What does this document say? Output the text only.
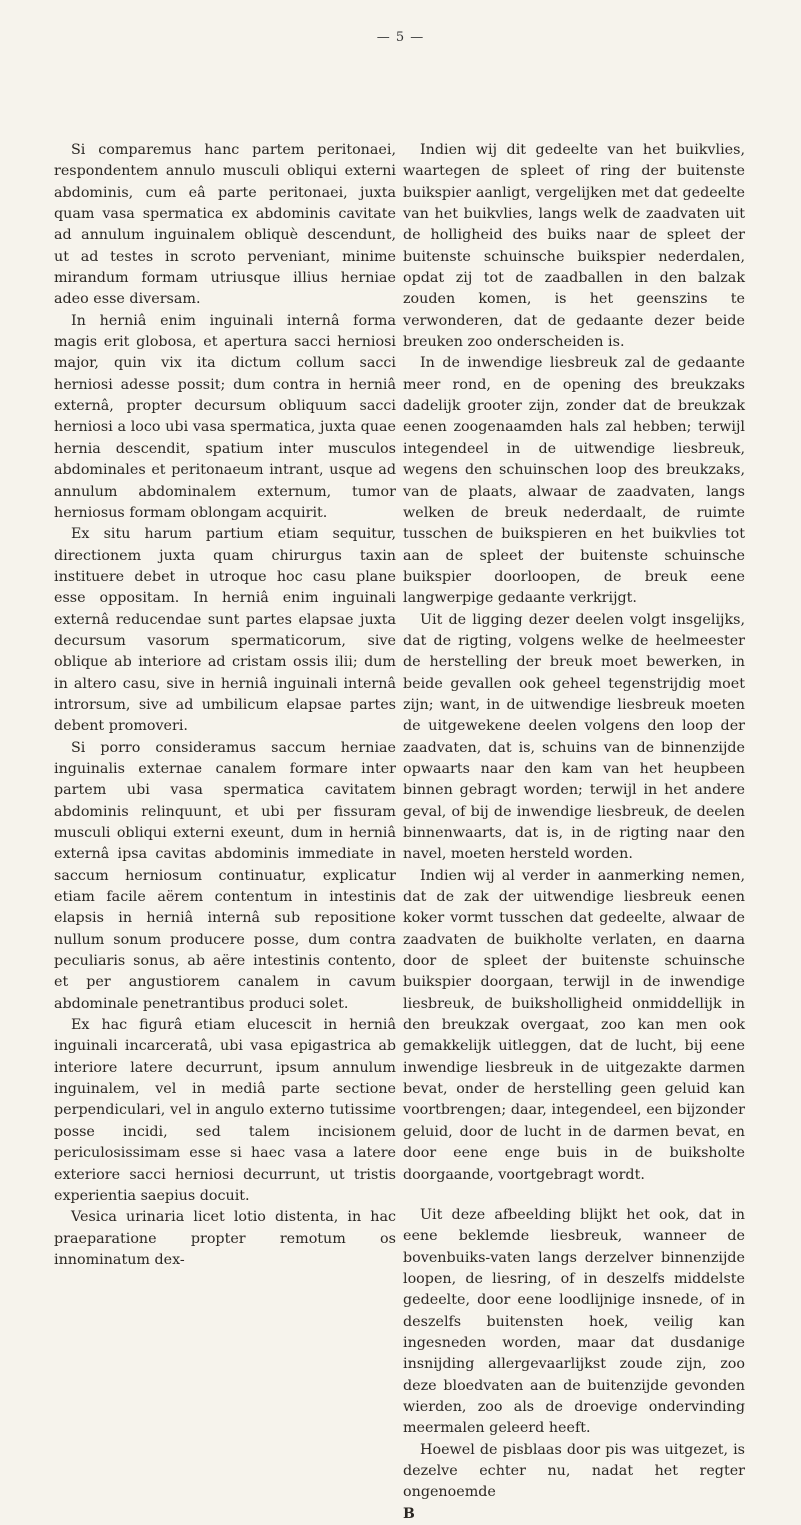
— 5 —

Si comparemus hanc partem peritonaei, respondentem annulo musculi obliqui externi abdominis, cum eâ parte peritonaei, juxta quam vasa spermatica ex abdominis cavitate ad annulum inguinalem obliquè descendunt, ut ad testes in scroto perveniant, minime mirandum formam utriusque illius herniae adeo esse diversam.

In herniâ enim inguinali internâ forma magis erit globosa, et apertura sacci herniosi major, quin vix ita dictum collum sacci herniosi adesse possit; dum contra in herniâ externâ, propter decursum obliquum sacci herniosi a loco ubi vasa spermatica, juxta quae hernia descendit, spatium inter musculos abdominales et peritonaeum intrant, usque ad annulum abdominalem externum, tumor herniosus formam oblongam acquirit.

Ex situ harum partium etiam sequitur, directionem juxta quam chirurgus taxin instituere debet in utroque hoc casu plane esse oppositam. In herniâ enim inguinali externâ reducendae sunt partes elapsae juxta decursum vasorum spermaticorum, sive oblique ab interiore ad cristam ossis ilii; dum in altero casu, sive in herniâ inguinali internâ introrsum, sive ad umbilicum elapsae partes debent promoveri.

Si porro consideramus saccum herniae inguinalis externae canalem formare inter partem ubi vasa spermatica cavitatem abdominis relinquunt, et ubi per fissuram musculi obliqui externi exeunt, dum in herniâ externâ ipsa cavitas abdominis immediate in saccum herniosum continuatur, explicatur etiam facile aërem contentum in intestinis elapsis in herniâ internâ sub repositione nullum sonum producere posse, dum contra peculiaris sonus, ab aëre intestinis contento, et per angustiorem canalem in cavum abdominale penetrantibus produci solet.

Ex hac figurâ etiam elucescit in herniâ inguinali incarceratâ, ubi vasa epigastrica ab interiore latere decurrunt, ipsum annulum inguinalem, vel in mediâ parte sectione perpendiculari, vel in angulo externo tutissime posse incidi, sed talem incisionem periculosissimam esse si haec vasa a latere exteriore sacci herniosi decurrunt, ut tristis experientia saepius docuit.

Vesica urinaria licet lotio distenta, in hac praeparatione propter remotum os innominatum dex-

Indien wij dit gedeelte van het buikvlies, waartegen de spleet of ring der buitenste buikspier aanligt, vergelijken met dat gedeelte van het buikvlies, langs welk de zaadvaten uit de holligheid des buiks naar de spleet der buitenste schuinsche buikspier nederdalen, opdat zij tot de zaadballen in den balzak zouden komen, is het geenszins te verwonderen, dat de gedaante dezer beide breuken zoo onderscheiden is.

In de inwendige liesbreuk zal de gedaante meer rond, en de opening des breukzaks dadelijk grooter zijn, zonder dat de breukzak eenen zoogenaamden hals zal hebben; terwijl integendeel in de uitwendige liesbreuk, wegens den schuinschen loop des breukzaks, van de plaats, alwaar de zaadvaten, langs welken de breuk nederdaalt, de ruimte tusschen de buikspieren en het buikvlies tot aan de spleet der buitenste schuinsche buikspier doorloopen, de breuk eene langwerpige gedaante verkrijgt.

Uit de ligging dezer deelen volgt insgelijks, dat de rigting, volgens welke de heelmeester de herstelling der breuk moet bewerken, in beide gevallen ook geheel tegenstrijdig moet zijn; want, in de uitwendige liesbreuk moeten de uitgewekene deelen volgens den loop der zaadvaten, dat is, schuins van de binnenzijde opwaarts naar den kam van het heupbeen binnen gebragt worden; terwijl in het andere geval, of bij de inwendige liesbreuk, de deelen binnenwaarts, dat is, in de rigting naar den navel, moeten hersteld worden.

Indien wij al verder in aanmerking nemen, dat de zak der uitwendige liesbreuk eenen koker vormt tusschen dat gedeelte, alwaar de zaadvaten de buikholte verlaten, en daarna door de spleet der buitenste schuinsche buikspier doorgaan, terwijl in de inwendige liesbreuk, de buiksholligheid onmiddellijk in den breukzak overgaat, zoo kan men ook gemakkelijk uitleggen, dat de lucht, bij eene inwendige liesbreuk in de uitgezakte darmen bevat, onder de herstelling geen geluid kan voortbrengen; daar, integendeel, een bijzonder geluid, door de lucht in de darmen bevat, en door eene enge buis in de buiksholte doorgaande, voortgebragt wordt.

Uit deze afbeelding blijkt het ook, dat in eene beklemde liesbreuk, wanneer de bovenbuiks-vaten langs derzelver binnenzijde loopen, de liesring, of in deszelfs middelste gedeelte, door eene loodlijnige insnede, of in deszelfs buitensten hoek, veilig kan ingesneden worden, maar dat dusdanige insnijding allergevaarlijkst zoude zijn, zoo deze bloedvaten aan de buitenzijde gevonden wierden, zoo als de droevige ondervinding meermalen geleerd heeft.

Hoewel de pisblaas door pis was uitgezet, is dezelve echter nu, nadat het regter ongenoemde

B
